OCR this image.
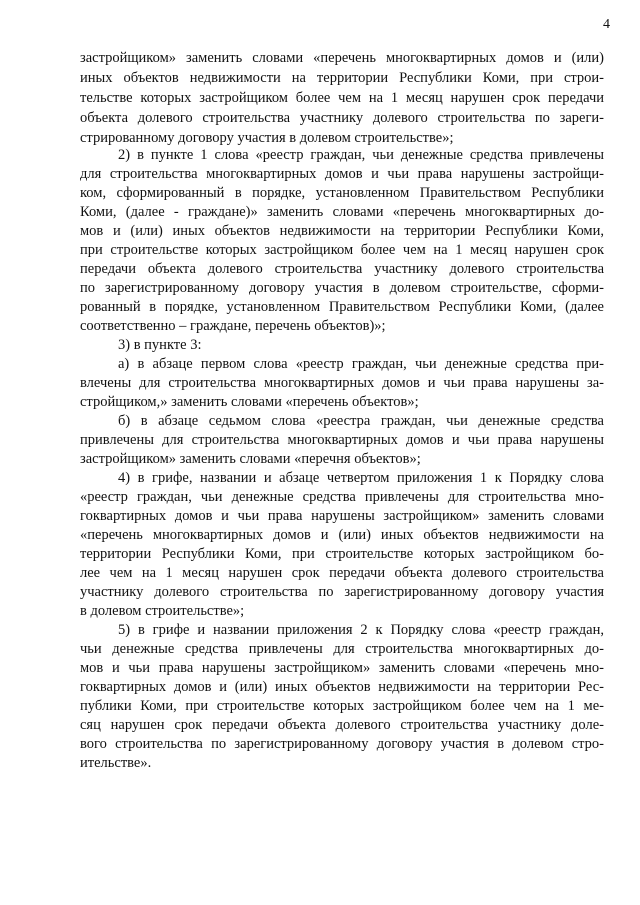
4
застройщиком» заменить словами «перечень многоквартирных домов и (или)
иных объектов недвижимости на территории Республики Коми, при строи-
тельстве которых застройщиком более чем на 1 месяц нарушен срок передачи
объекта долевого строительства участнику долевого строительства по зареги-
стрированному договору участия в долевом строительстве»;
2) в пункте 1 слова «реестр граждан, чьи денежные средства привлечены
для строительства многоквартирных домов и чьи права нарушены застройщи-
ком, сформированный в порядке, установленном Правительством Республики
Коми, (далее - граждане)» заменить словами «перечень многоквартирных до-
мов и (или) иных объектов недвижимости на территории Республики Коми,
при строительстве которых застройщиком более чем на 1 месяц нарушен срок
передачи объекта долевого строительства участнику долевого строительства
по зарегистрированному договору участия в долевом строительстве, сформи-
рованный в порядке, установленном Правительством Республики Коми, (далее
соответственно – граждане, перечень объектов)»;
3) в пункте 3:
а) в абзаце первом слова «реестр граждан, чьи денежные средства при-
влечены для строительства многоквартирных домов и чьи права нарушены за-
стройщиком,» заменить словами «перечень объектов»;
б) в абзаце седьмом слова «реестра граждан, чьи денежные средства
привлечены для строительства многоквартирных домов и чьи права нарушены
застройщиком» заменить словами «перечня объектов»;
4) в грифе, названии и абзаце четвертом приложения 1 к Порядку слова
«реестр граждан, чьи денежные средства привлечены для строительства мно-
гоквартирных домов и чьи права нарушены застройщиком» заменить словами
«перечень многоквартирных домов и (или) иных объектов недвижимости на
территории Республики Коми, при строительстве которых застройщиком бо-
лее чем на 1 месяц нарушен срок передачи объекта долевого строительства
участнику долевого строительства по зарегистрированному договору участия
в долевом строительстве»;
5) в грифе и названии приложения 2 к Порядку слова «реестр граждан,
чьи денежные средства привлечены для строительства многоквартирных до-
мов и чьи права нарушены застройщиком» заменить словами «перечень мно-
гоквартирных домов и (или) иных объектов недвижимости на территории Рес-
публики Коми, при строительстве которых застройщиком более чем на 1 ме-
сяц нарушен срок передачи объекта долевого строительства участнику доле-
вого строительства по зарегистрированному договору участия в долевом стро-
ительстве».
